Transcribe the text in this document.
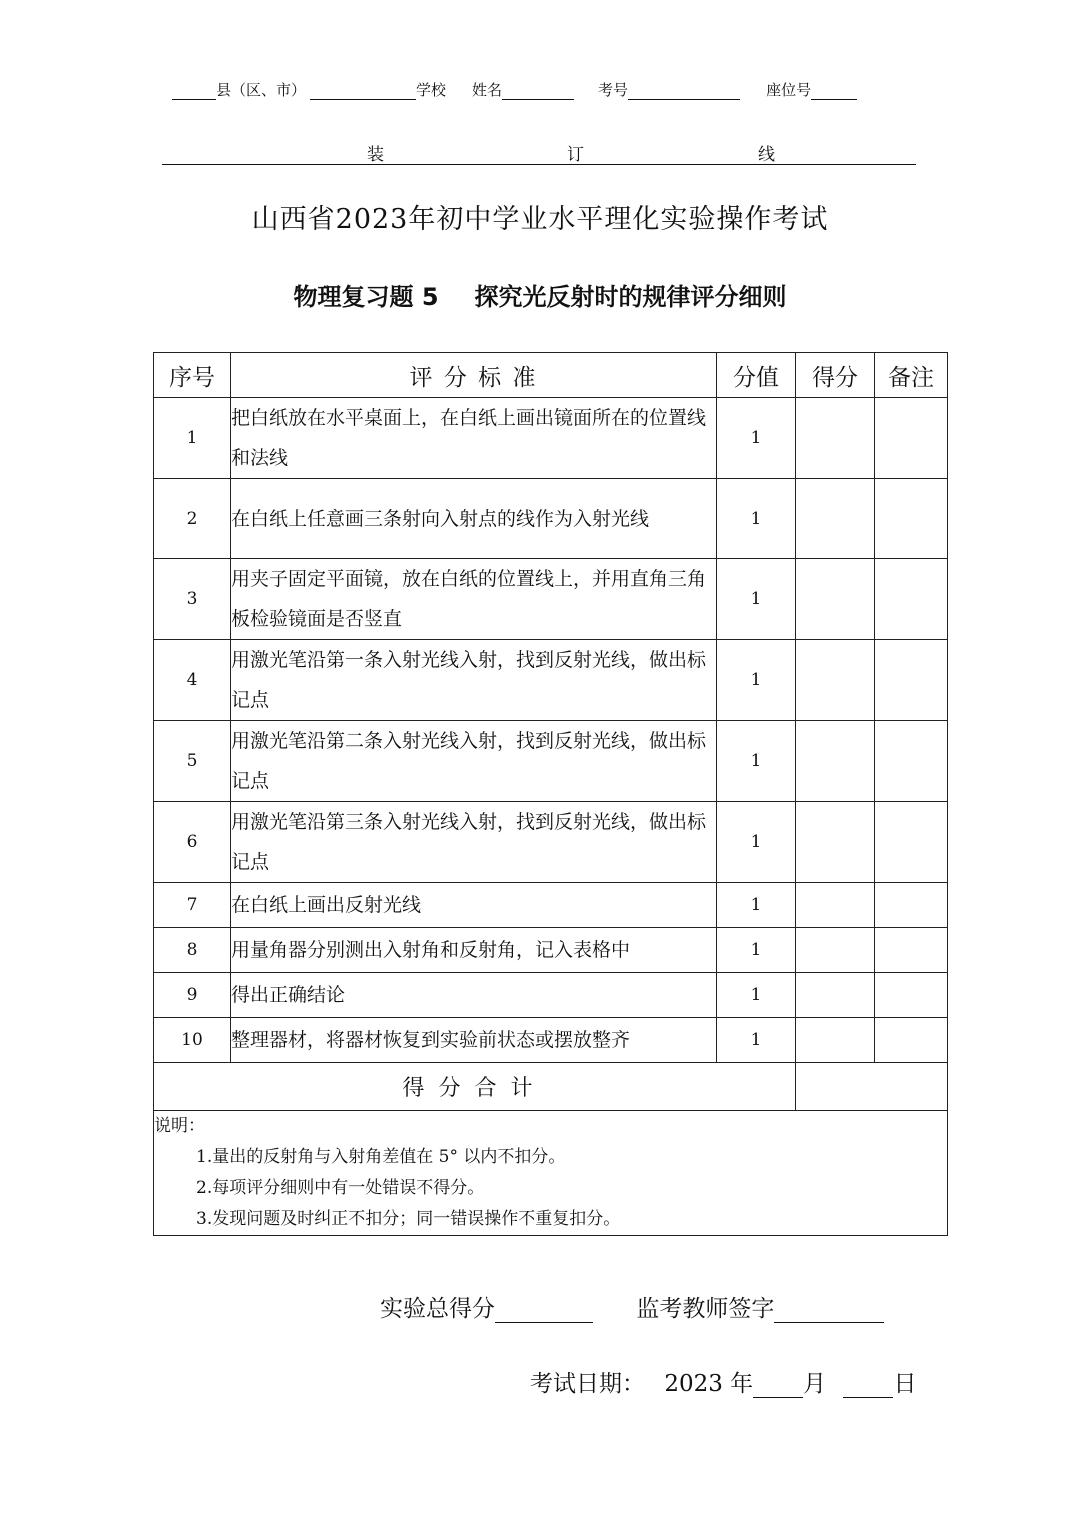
县（区、市）	学校 姓名	考号	座位号
装	订	线
山西省2023年初中学业水平理化实验操作考试
物理复习题 5 探究光反射时的规律评分细则
序号	评 分 标 准	分值	得分	备注
1	把白纸放在水平桌面上，在白纸上画出镜面所在的位置线和法线	1		
2	在白纸上任意画三条射向入射点的线作为入射光线	1		
3	用夹子固定平面镜，放在白纸的位置线上，并用直角三角板检验镜面是否竖直	1		
4	用激光笔沿第一条入射光线入射，找到反射光线，做出标记点	1		
5	用激光笔沿第二条入射光线入射，找到反射光线，做出标记点	1		
6	用激光笔沿第三条入射光线入射，找到反射光线，做出标记点	1		
7	在白纸上画出反射光线	1		
8	用量角器分别测出入射角和反射角，记入表格中	1		
9	得出正确结论	1		
10	整理器材，将器材恢复到实验前状态或摆放整齐	1		
得分合计				

说明：
1.量出的反射角与入射角差值在 5° 以内不扣分。
2.每项评分细则中有一处错误不得分。
3.发现问题及时纠正不扣分；同一错误操作不重复扣分。				
实验总得分	监考教师签字
考试日期： 2023 年 月	日
